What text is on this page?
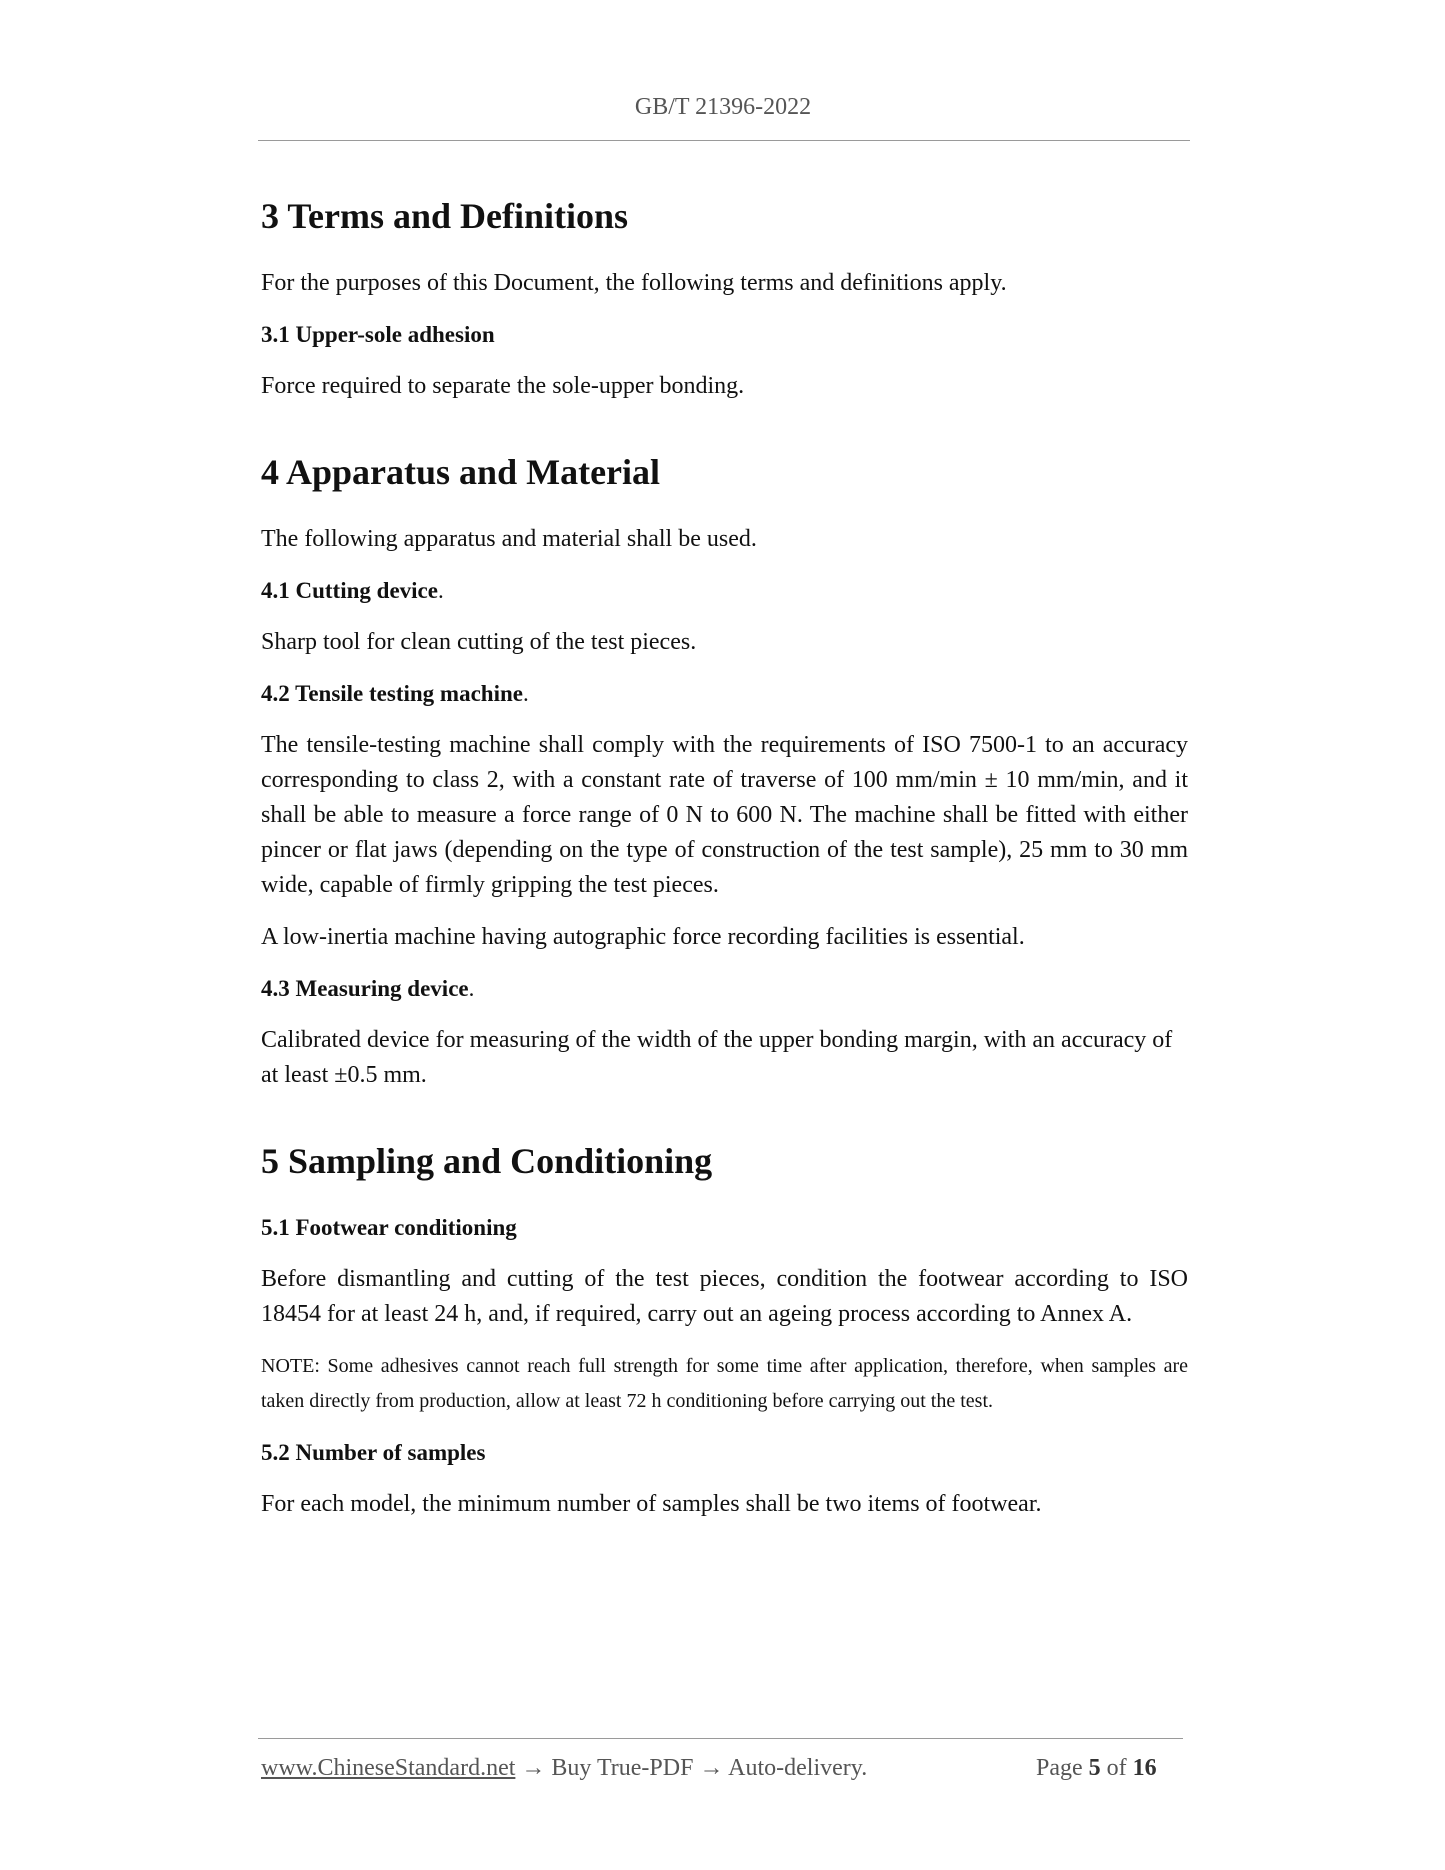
GB/T 21396-2022
3 Terms and Definitions

For the purposes of this Document, the following terms and definitions apply.

3.1 Upper-sole adhesion

Force required to separate the sole-upper bonding.

4 Apparatus and Material

The following apparatus and material shall be used.

4.1 Cutting device.

Sharp tool for clean cutting of the test pieces.

4.2 Tensile testing machine.

The tensile-testing machine shall comply with the requirements of ISO 7500-1 to an accuracy corresponding to class 2, with a constant rate of traverse of 100 mm/min ± 10 mm/min, and it shall be able to measure a force range of 0 N to 600 N. The machine shall be fitted with either pincer or flat jaws (depending on the type of construction of the test sample), 25 mm to 30 mm wide, capable of firmly gripping the test pieces.

A low-inertia machine having autographic force recording facilities is essential.

4.3 Measuring device.

Calibrated device for measuring of the width of the upper bonding margin, with an accuracy of at least ±0.5 mm.

5 Sampling and Conditioning
5.1 Footwear conditioning

Before dismantling and cutting of the test pieces, condition the footwear according to ISO 18454 for at least 24 h, and, if required, carry out an ageing process according to Annex A.

NOTE: Some adhesives cannot reach full strength for some time after application, therefore, when samples are taken directly from production, allow at least 72 h conditioning before carrying out the test.

5.2 Number of samples

For each model, the minimum number of samples shall be two items of footwear.

www.ChineseStandard.net → Buy True-PDF → Auto-delivery.	Page 5 of 16
